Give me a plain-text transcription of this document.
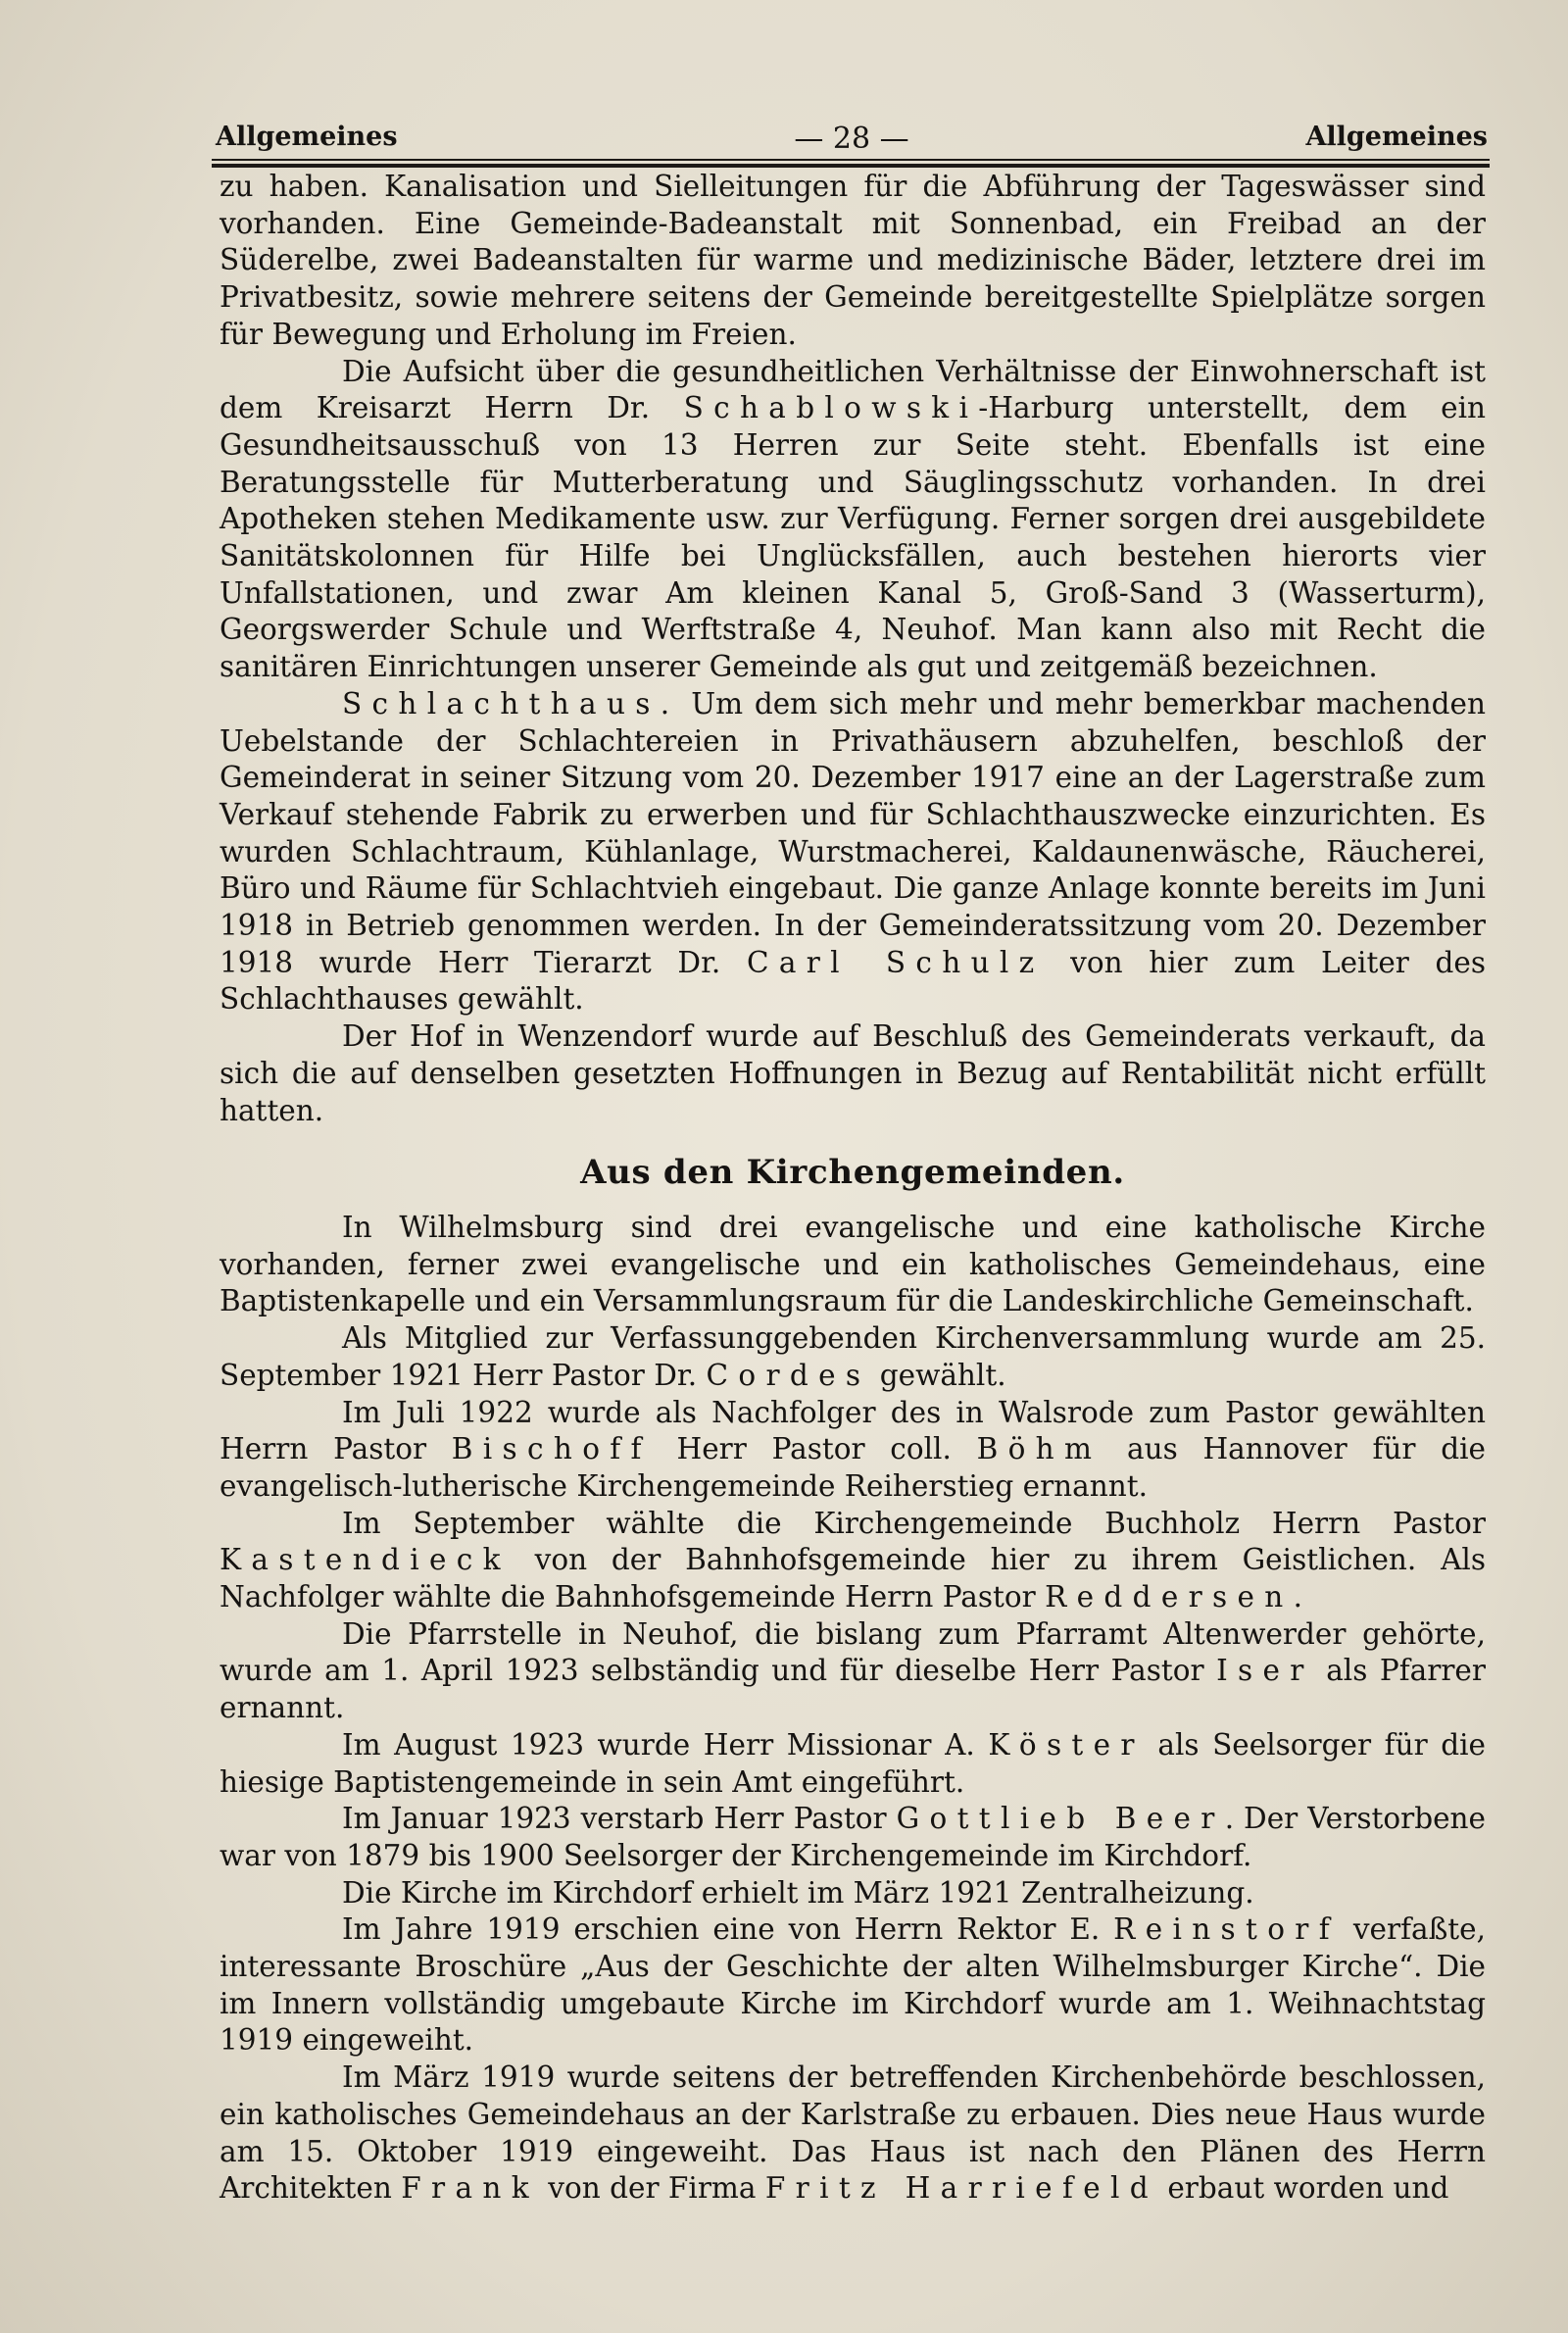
Allgemeines	— 28 —	Allgemeines

zu haben. Kanalisation und Sielleitungen für die Abführung der Tageswässer sind vorhanden. Eine Gemeinde-Badeanstalt mit Sonnenbad, ein Freibad an der Süderelbe, zwei Badeanstalten für warme und medizinische Bäder, letztere drei im Privatbesitz, sowie mehrere seitens der Gemeinde bereitgestellte Spielplätze sorgen für Bewegung und Erholung im Freien.

Die Aufsicht über die gesundheitlichen Verhältnisse der Einwohnerschaft ist dem Kreisarzt Herrn Dr. Schablowski-Harburg unterstellt, dem ein Gesundheitsausschuß von 13 Herren zur Seite steht. Ebenfalls ist eine Beratungsstelle für Mutterberatung und Säuglingsschutz vorhanden. In drei Apotheken stehen Medikamente usw. zur Verfügung. Ferner sorgen drei ausgebildete Sanitätskolonnen für Hilfe bei Unglücksfällen, auch bestehen hierorts vier Unfallstationen, und zwar Am kleinen Kanal 5, Groß-Sand 3 (Wasserturm), Georgswerder Schule und Werftstraße 4, Neuhof. Man kann also mit Recht die sanitären Einrichtungen unserer Gemeinde als gut und zeitgemäß bezeichnen.

Schlachthaus. Um dem sich mehr und mehr bemerkbar machenden Uebelstande der Schlachtereien in Privathäusern abzuhelfen, beschloß der Gemeinderat in seiner Sitzung vom 20. Dezember 1917 eine an der Lagerstraße zum Verkauf stehende Fabrik zu erwerben und für Schlachthauszwecke einzurichten. Es wurden Schlachtraum, Kühlanlage, Wurstmacherei, Kaldaunenwäsche, Räucherei, Büro und Räume für Schlachtvieh eingebaut. Die ganze Anlage konnte bereits im Juni 1918 in Betrieb genommen werden. In der Gemeinderatssitzung vom 20. Dezember 1918 wurde Herr Tierarzt Dr. Carl Schulz von hier zum Leiter des Schlachthauses gewählt.

Der Hof in Wenzendorf wurde auf Beschluß des Gemeinderats verkauft, da sich die auf denselben gesetzten Hoffnungen in Bezug auf Rentabilität nicht erfüllt hatten.

Aus den Kirchengemeinden.

In Wilhelmsburg sind drei evangelische und eine katholische Kirche vorhanden, ferner zwei evangelische und ein katholisches Gemeindehaus, eine Baptistenkapelle und ein Versammlungsraum für die Landeskirchliche Gemeinschaft.

Als Mitglied zur Verfassunggebenden Kirchenversammlung wurde am 25. September 1921 Herr Pastor Dr. Cordes gewählt.

Im Juli 1922 wurde als Nachfolger des in Walsrode zum Pastor gewählten Herrn Pastor Bischoff Herr Pastor coll. Böhm aus Hannover für die evangelisch-lutherische Kirchengemeinde Reiherstieg ernannt.

Im September wählte die Kirchengemeinde Buchholz Herrn Pastor Kastendieck von der Bahnhofsgemeinde hier zu ihrem Geistlichen. Als Nachfolger wählte die Bahnhofsgemeinde Herrn Pastor Reddersen.

Die Pfarrstelle in Neuhof, die bislang zum Pfarramt Altenwerder gehörte, wurde am 1. April 1923 selbständig und für dieselbe Herr Pastor Iser als Pfarrer ernannt.

Im August 1923 wurde Herr Missionar A. Köster als Seelsorger für die hiesige Baptistengemeinde in sein Amt eingeführt.

Im Januar 1923 verstarb Herr Pastor Gottlieb Beer. Der Verstorbene war von 1879 bis 1900 Seelsorger der Kirchengemeinde im Kirchdorf.

Die Kirche im Kirchdorf erhielt im März 1921 Zentralheizung.

Im Jahre 1919 erschien eine von Herrn Rektor E. Reinstorf verfaßte, interessante Broschüre „Aus der Geschichte der alten Wilhelmsburger Kirche“. Die im Innern vollständig umgebaute Kirche im Kirchdorf wurde am 1. Weihnachtstag 1919 eingeweiht.

Im März 1919 wurde seitens der betreffenden Kirchenbehörde beschlossen, ein katholisches Gemeindehaus an der Karlstraße zu erbauen. Dies neue Haus wurde am 15. Oktober 1919 eingeweiht. Das Haus ist nach den Plänen des Herrn Architekten Frank von der Firma Fritz Harriefeld erbaut worden und
